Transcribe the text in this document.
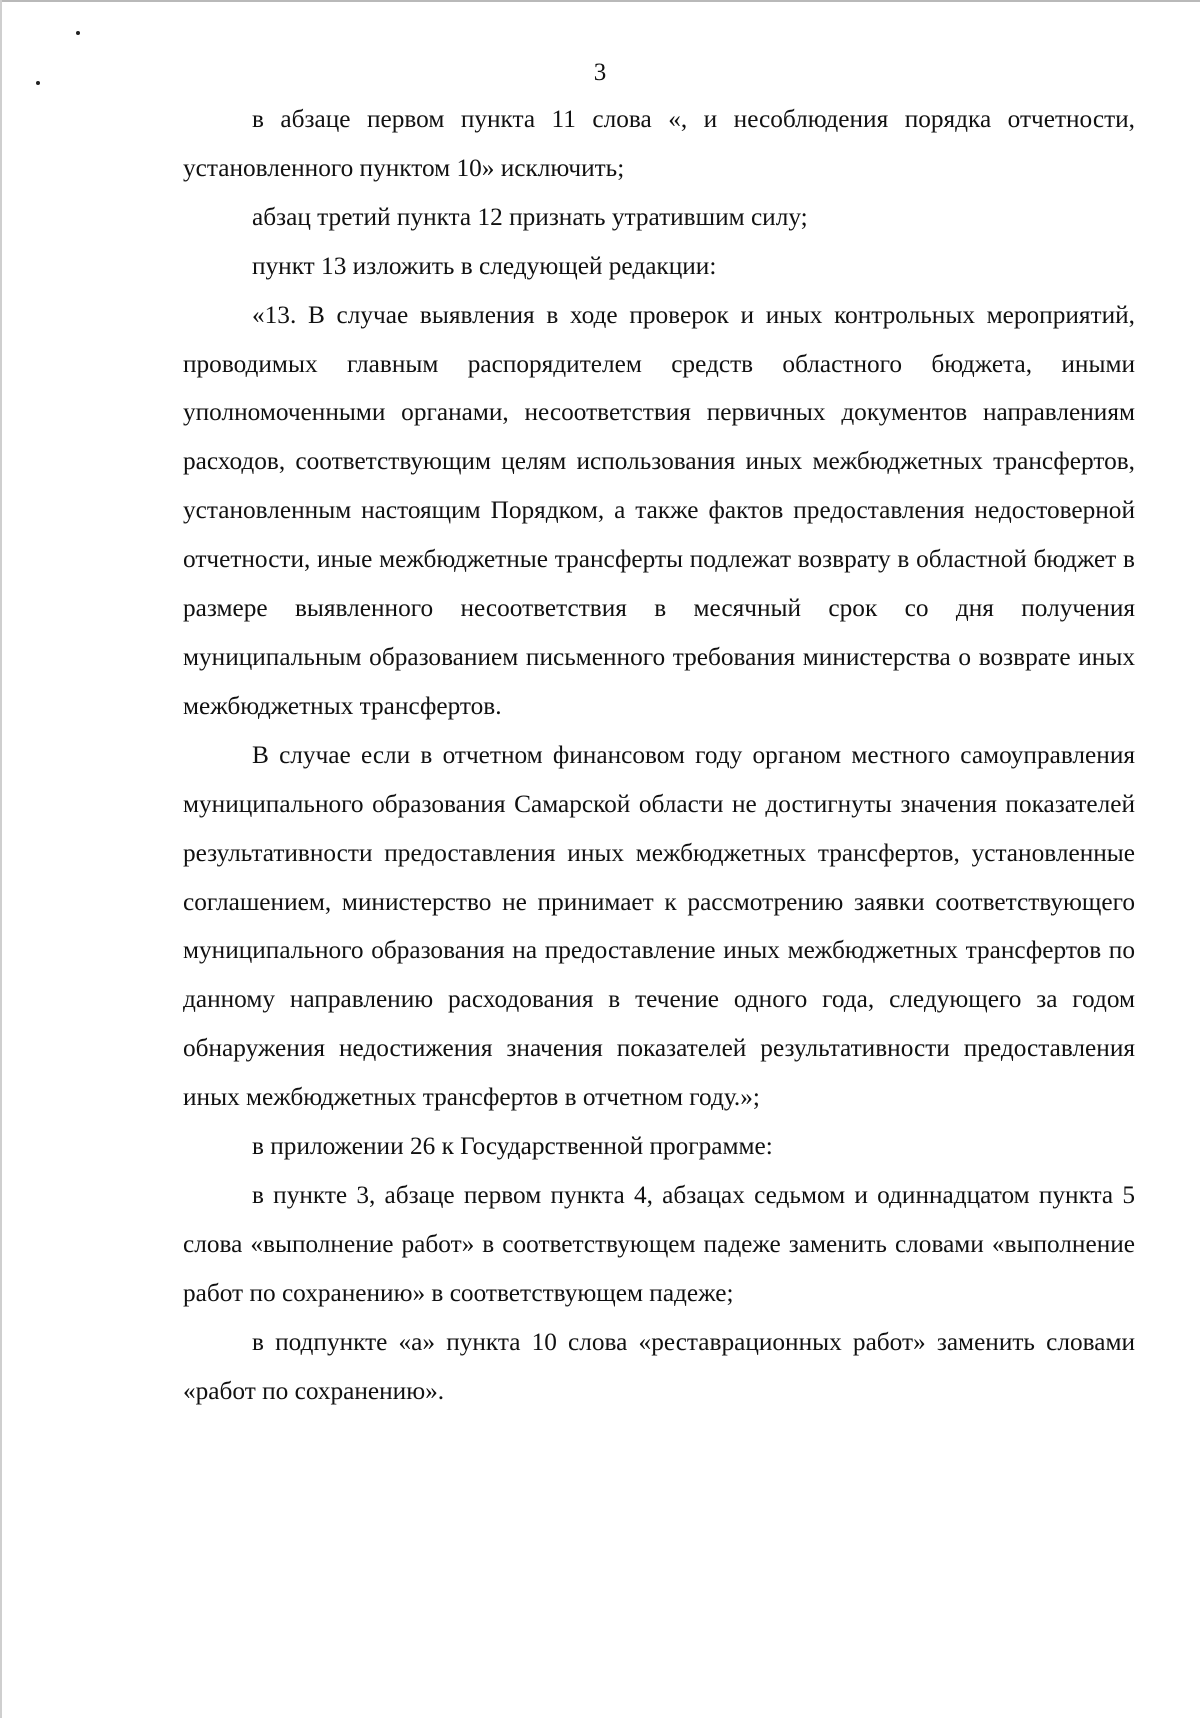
3

в абзаце первом пункта 11 слова «, и несоблюдения порядка отчетности, установленного пунктом 10» исключить;

абзац третий пункта 12 признать утратившим силу;

пункт 13 изложить в следующей редакции:

«13. В случае выявления в ходе проверок и иных контрольных мероприятий, проводимых главным распорядителем средств областного бюджета, иными уполномоченными органами, несоответствия первичных документов направлениям расходов, соответствующим целям использования иных межбюджетных трансфертов, установленным настоящим Порядком, а также фактов предоставления недостоверной отчетности, иные межбюджетные трансферты подлежат возврату в областной бюджет в размере выявленного несоответствия в месячный срок со дня получения муниципальным образованием письменного требования министерства о возврате иных межбюджетных трансфертов.

В случае если в отчетном финансовом году органом местного самоуправления муниципального образования Самарской области не достигнуты значения показателей результативности предоставления иных межбюджетных трансфертов, установленные соглашением, министерство не принимает к рассмотрению заявки соответствующего муниципального образования на предоставление иных межбюджетных трансфертов по данному направлению расходования в течение одного года, следующего за годом обнаружения недостижения значения показателей результативности предоставления иных межбюджетных трансфертов в отчетном году.»;

в приложении 26 к Государственной программе:

в пункте 3, абзаце первом пункта 4, абзацах седьмом и одиннадцатом пункта 5 слова «выполнение работ» в соответствующем падеже заменить словами «выполнение работ по сохранению» в соответствующем падеже;

в подпункте «а» пункта 10 слова «реставрационных работ» заменить словами «работ по сохранению».
